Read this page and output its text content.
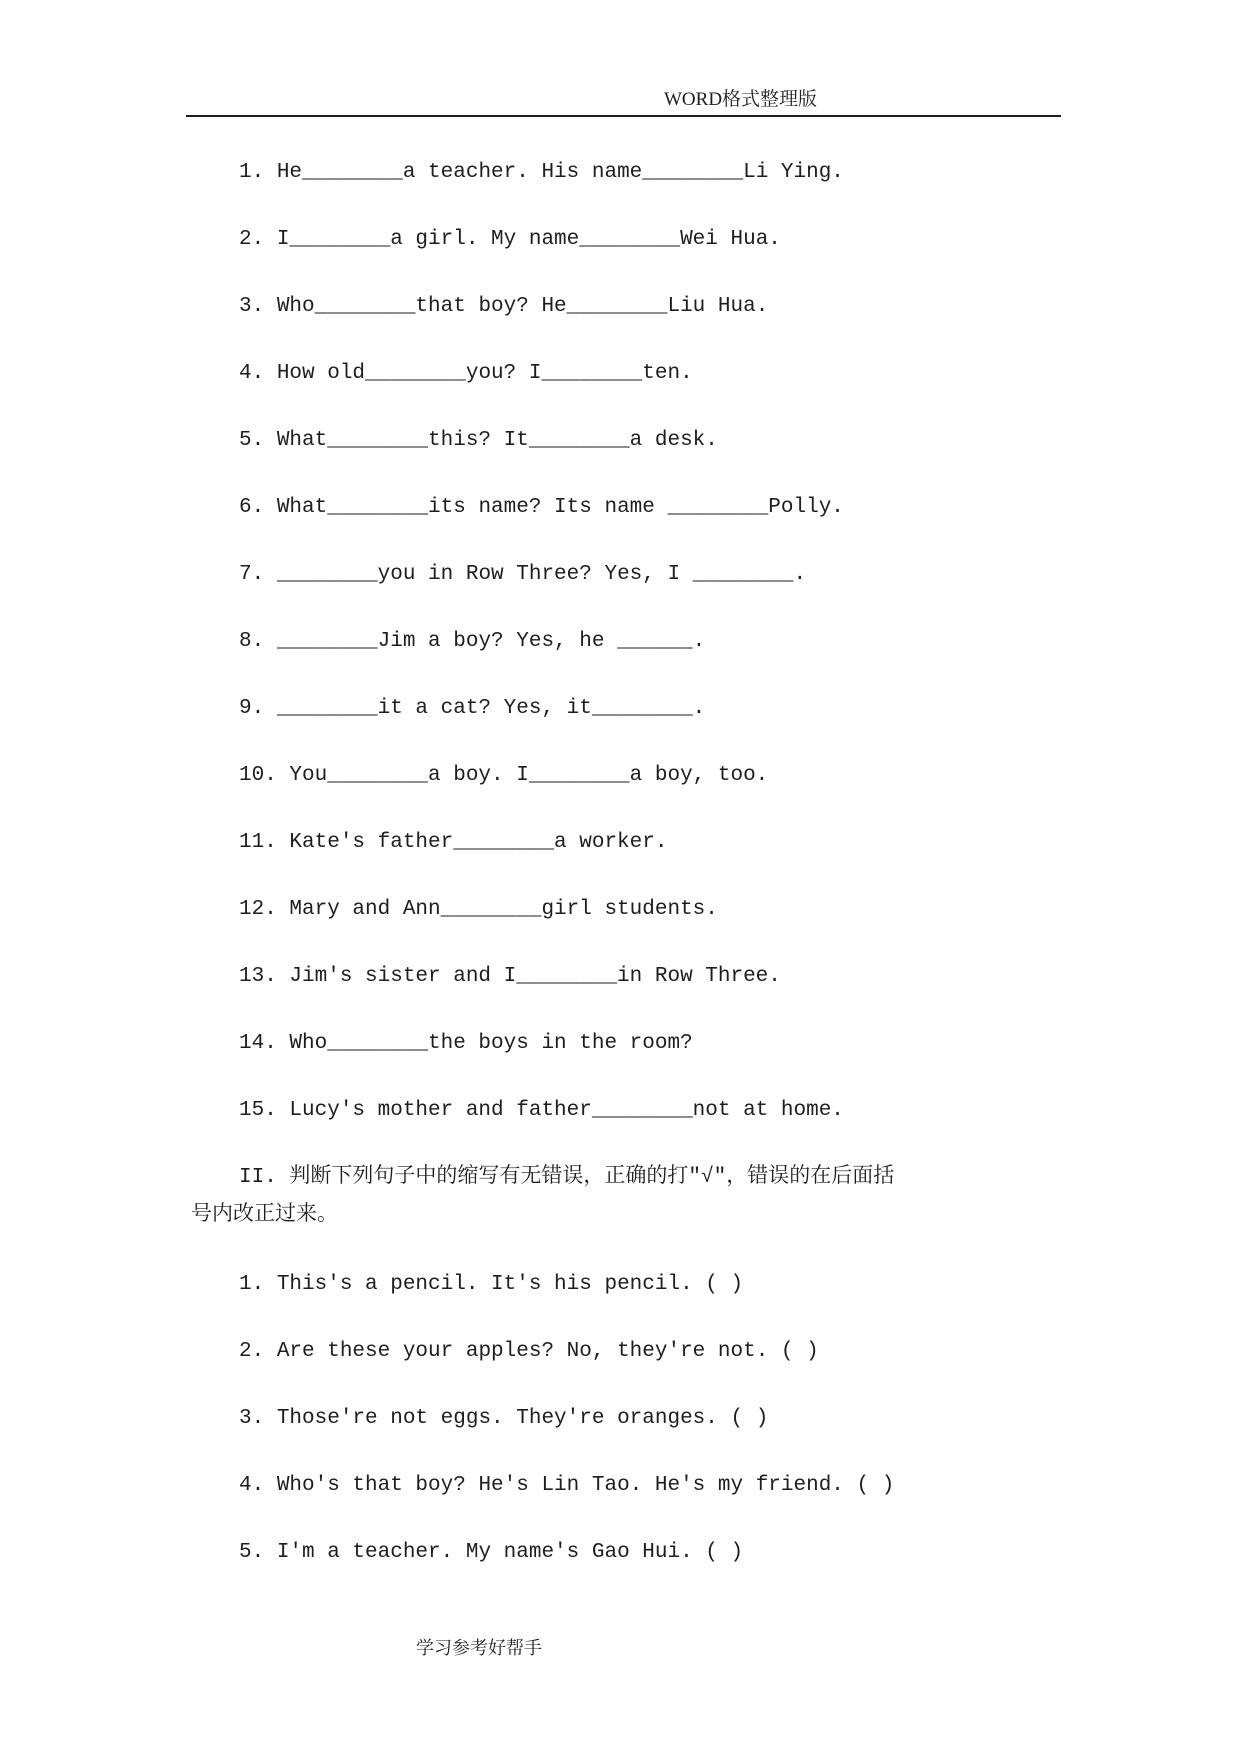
WORD格式整理版
1. He________a teacher. His name________Li Ying.
2. I________a girl. My name________Wei Hua.
3. Who________that boy? He________Liu Hua.
4. How old________you? I________ten.
5. What________this? It________a desk.
6. What________its name? Its name ________Polly.
7. ________you in Row Three? Yes, I ________.
8. ________Jim a boy? Yes, he ______.
9. ________it a cat? Yes, it________.
10. You________a boy. I________a boy, too.
11. Kate's father________a worker.
12. Mary and Ann________girl students.
13. Jim's sister and I________in Row Three.
14. Who________the boys in the room?
15. Lucy's mother and father________not at home.
II. 判断下列句子中的缩写有无错误，正确的打"√"，错误的在后面括
号内改正过来。
1. This's a pencil. It's his pencil. ( )
2. Are these your apples? No, they're not. ( )
3. Those're not eggs. They're oranges. ( )
4. Who's that boy? He's Lin Tao. He's my friend. ( )
5. I'm a teacher. My name's Gao Hui. ( )
学习参考好帮手
